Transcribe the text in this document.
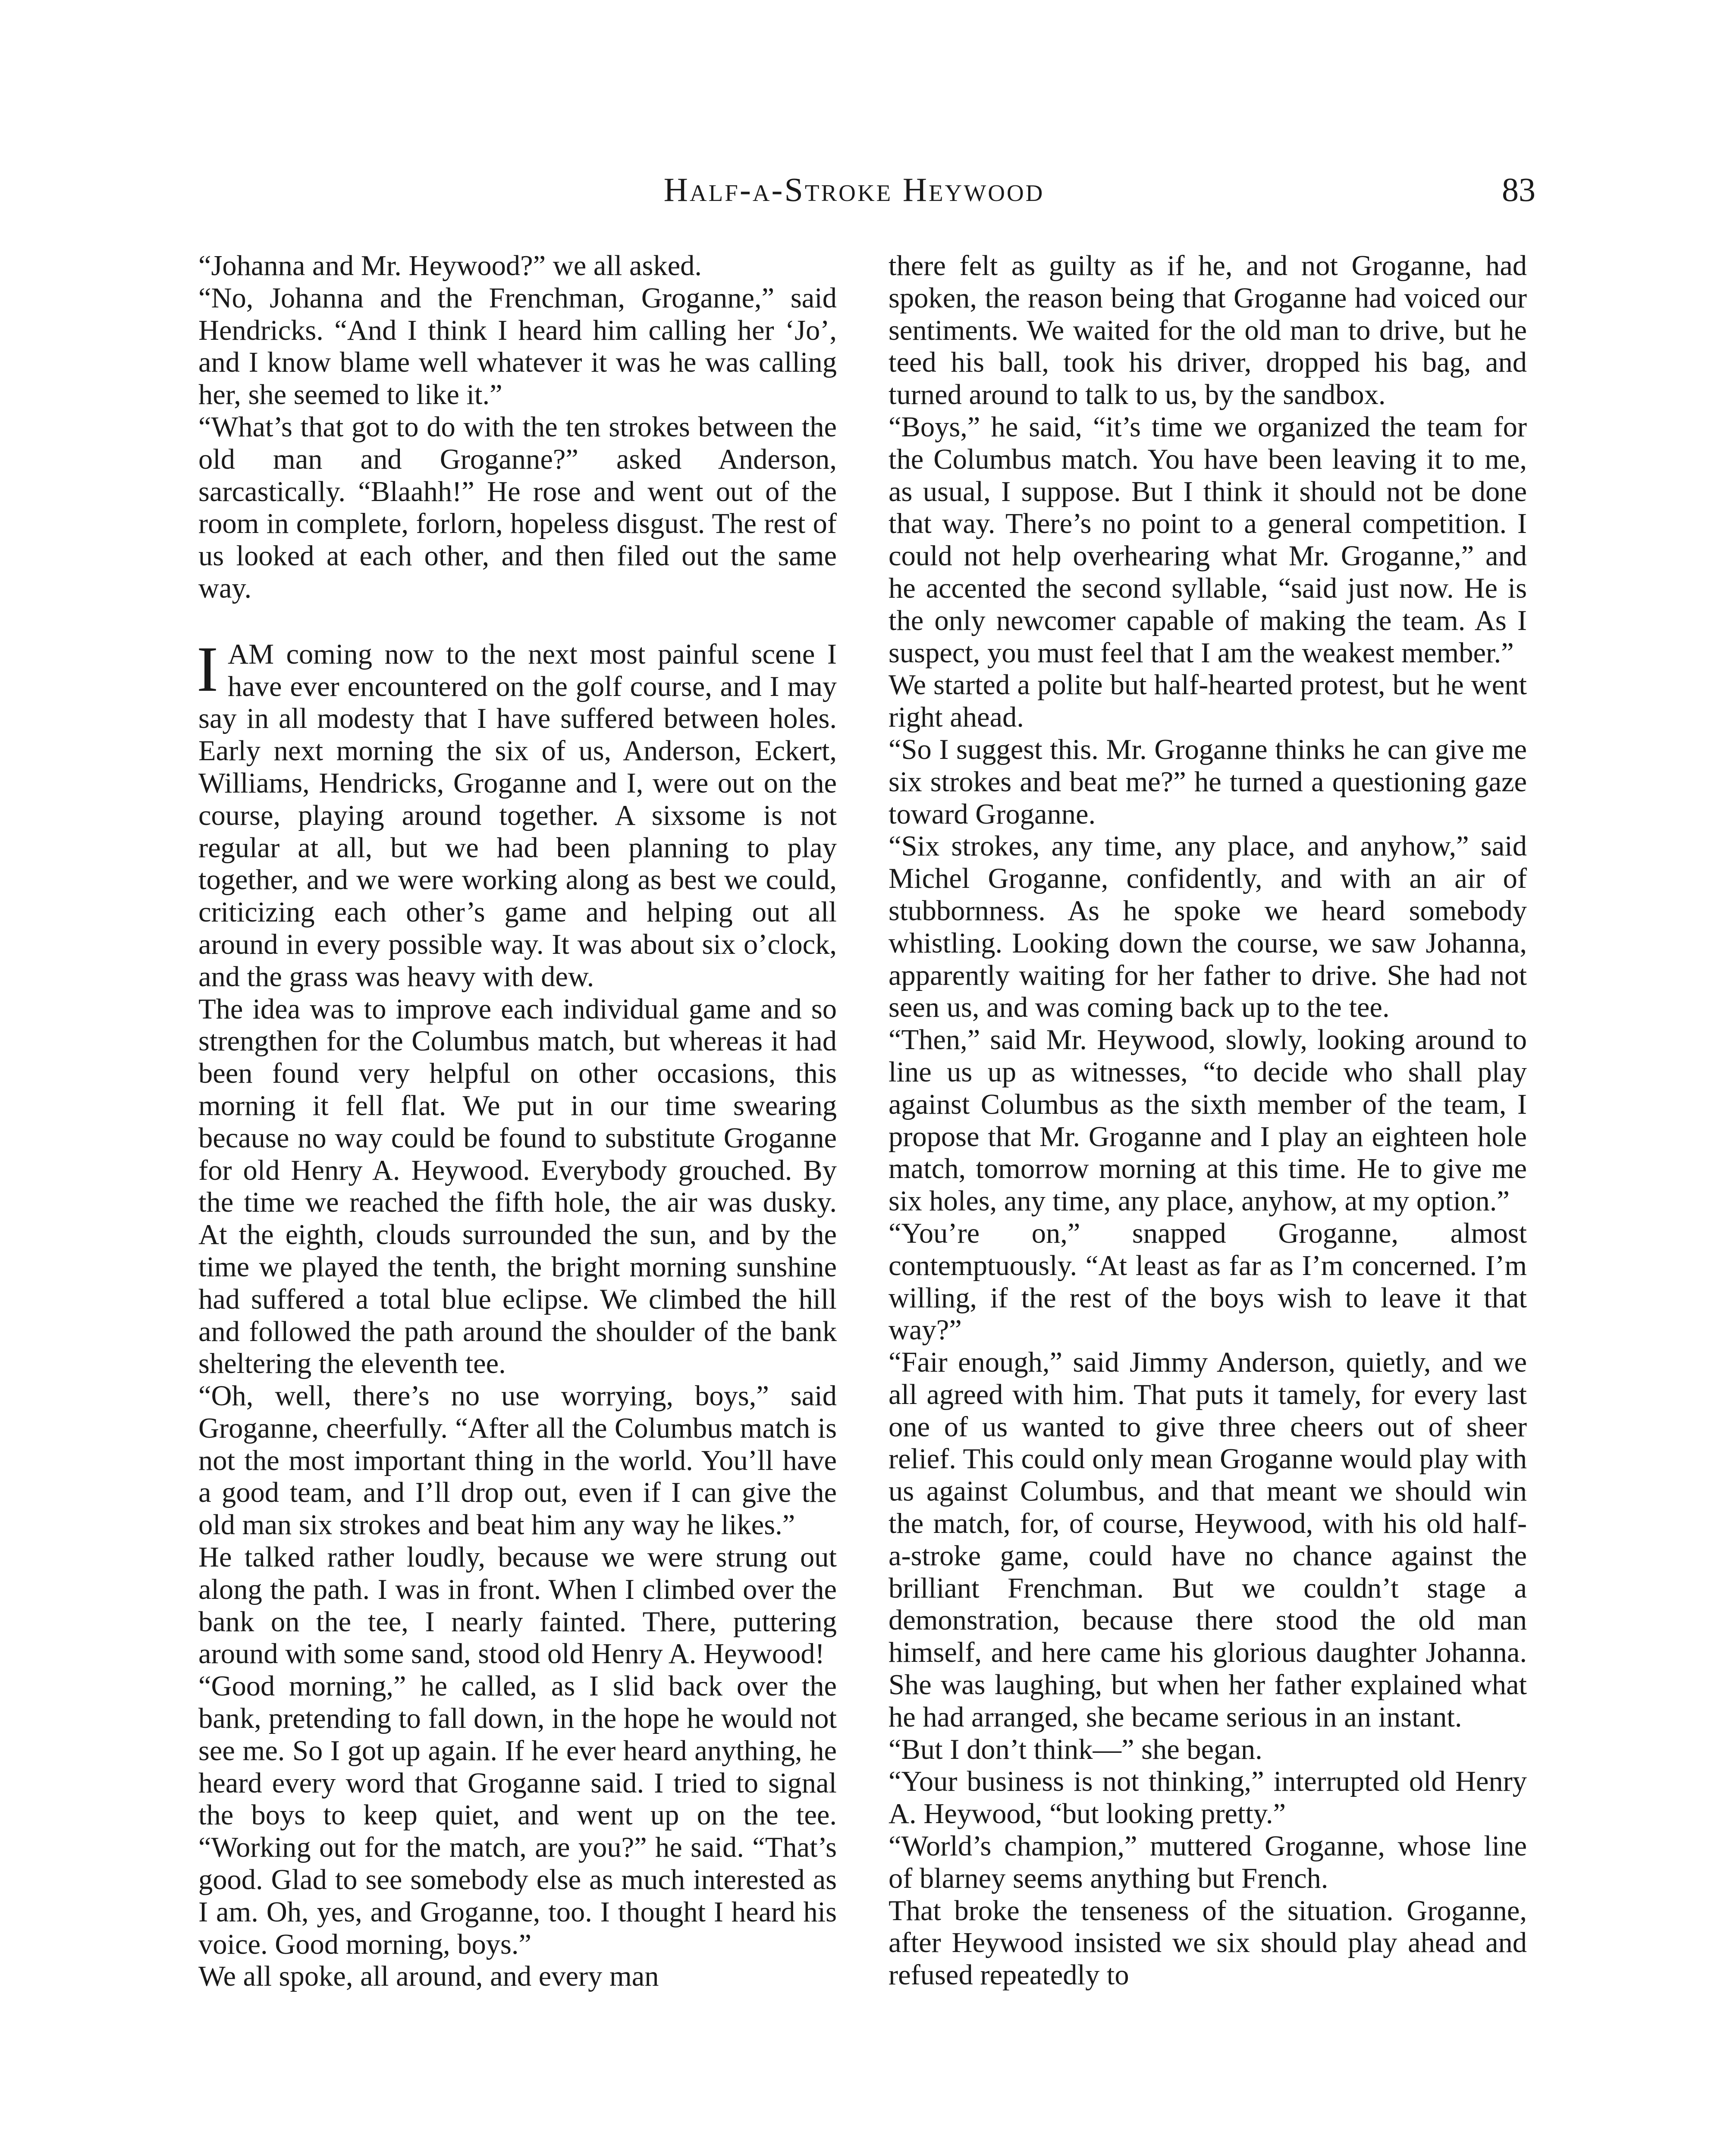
Half-a-Stroke Heywood	83

“Johanna and Mr. Heywood?” we all asked.

“No, Johanna and the Frenchman, Groganne,” said Hendricks. “And I think I heard him calling her ‘Jo’, and I know blame well whatever it was he was calling her, she seemed to like it.”

“What’s that got to do with the ten strokes between the old man and Groganne?” asked Anderson, sarcastically. “Blaahh!” He rose and went out of the room in complete, forlorn, hopeless disgust. The rest of us looked at each other, and then filed out the same way.

I AM coming now to the next most painful scene I have ever encountered on the golf course, and I may say in all modesty that I have suffered between holes. Early next morning the six of us, Anderson, Eckert, Williams, Hendricks, Groganne and I, were out on the course, playing around together. A sixsome is not regular at all, but we had been planning to play together, and we were working along as best we could, criticizing each other’s game and helping out all around in every possible way. It was about six o’clock, and the grass was heavy with dew.

The idea was to improve each individual game and so strengthen for the Columbus match, but whereas it had been found very helpful on other occasions, this morning it fell flat. We put in our time swearing because no way could be found to substitute Groganne for old Henry A. Heywood. Everybody grouched. By the time we reached the fifth hole, the air was dusky. At the eighth, clouds surrounded the sun, and by the time we played the tenth, the bright morning sunshine had suffered a total blue eclipse. We climbed the hill and followed the path around the shoulder of the bank sheltering the eleventh tee.

“Oh, well, there’s no use worrying, boys,” said Groganne, cheerfully. “After all the Columbus match is not the most important thing in the world. You’ll have a good team, and I’ll drop out, even if I can give the old man six strokes and beat him any way he likes.”

He talked rather loudly, because we were strung out along the path. I was in front. When I climbed over the bank on the tee, I nearly fainted. There, puttering around with some sand, stood old Henry A. Heywood!

“Good morning,” he called, as I slid back over the bank, pretending to fall down, in the hope he would not see me. So I got up again. If he ever heard anything, he heard every word that Groganne said. I tried to signal the boys to keep quiet, and went up on the tee. “Working out for the match, are you?” he said. “That’s good. Glad to see somebody else as much interested as I am. Oh, yes, and Groganne, too. I thought I heard his voice. Good morning, boys.”

We all spoke, all around, and every man

there felt as guilty as if he, and not Groganne, had spoken, the reason being that Groganne had voiced our sentiments. We waited for the old man to drive, but he teed his ball, took his driver, dropped his bag, and turned around to talk to us, by the sandbox.

“Boys,” he said, “it’s time we organized the team for the Columbus match. You have been leaving it to me, as usual, I suppose. But I think it should not be done that way. There’s no point to a general competition. I could not help overhearing what Mr. Groganne,” and he accented the second syllable, “said just now. He is the only newcomer capable of making the team. As I suspect, you must feel that I am the weakest member.”

We started a polite but half-hearted protest, but he went right ahead.

“So I suggest this. Mr. Groganne thinks he can give me six strokes and beat me?” he turned a questioning gaze toward Groganne.

“Six strokes, any time, any place, and anyhow,” said Michel Groganne, confidently, and with an air of stubbornness. As he spoke we heard somebody whistling. Looking down the course, we saw Johanna, apparently waiting for her father to drive. She had not seen us, and was coming back up to the tee.

“Then,” said Mr. Heywood, slowly, looking around to line us up as witnesses, “to decide who shall play against Columbus as the sixth member of the team, I propose that Mr. Groganne and I play an eighteen hole match, tomorrow morning at this time. He to give me six holes, any time, any place, anyhow, at my option.”

“You’re on,” snapped Groganne, almost contemptuously. “At least as far as I’m concerned. I’m willing, if the rest of the boys wish to leave it that way?”

“Fair enough,” said Jimmy Anderson, quietly, and we all agreed with him. That puts it tamely, for every last one of us wanted to give three cheers out of sheer relief. This could only mean Groganne would play with us against Columbus, and that meant we should win the match, for, of course, Heywood, with his old half-a-stroke game, could have no chance against the brilliant Frenchman. But we couldn’t stage a demonstration, because there stood the old man himself, and here came his glorious daughter Johanna. She was laughing, but when her father explained what he had arranged, she became serious in an instant.

“But I don’t think—” she began.

“Your business is not thinking,” interrupted old Henry A. Heywood, “but looking pretty.”

“World’s champion,” muttered Groganne, whose line of blarney seems anything but French.

That broke the tenseness of the situation. Groganne, after Heywood insisted we six should play ahead and refused repeatedly to
